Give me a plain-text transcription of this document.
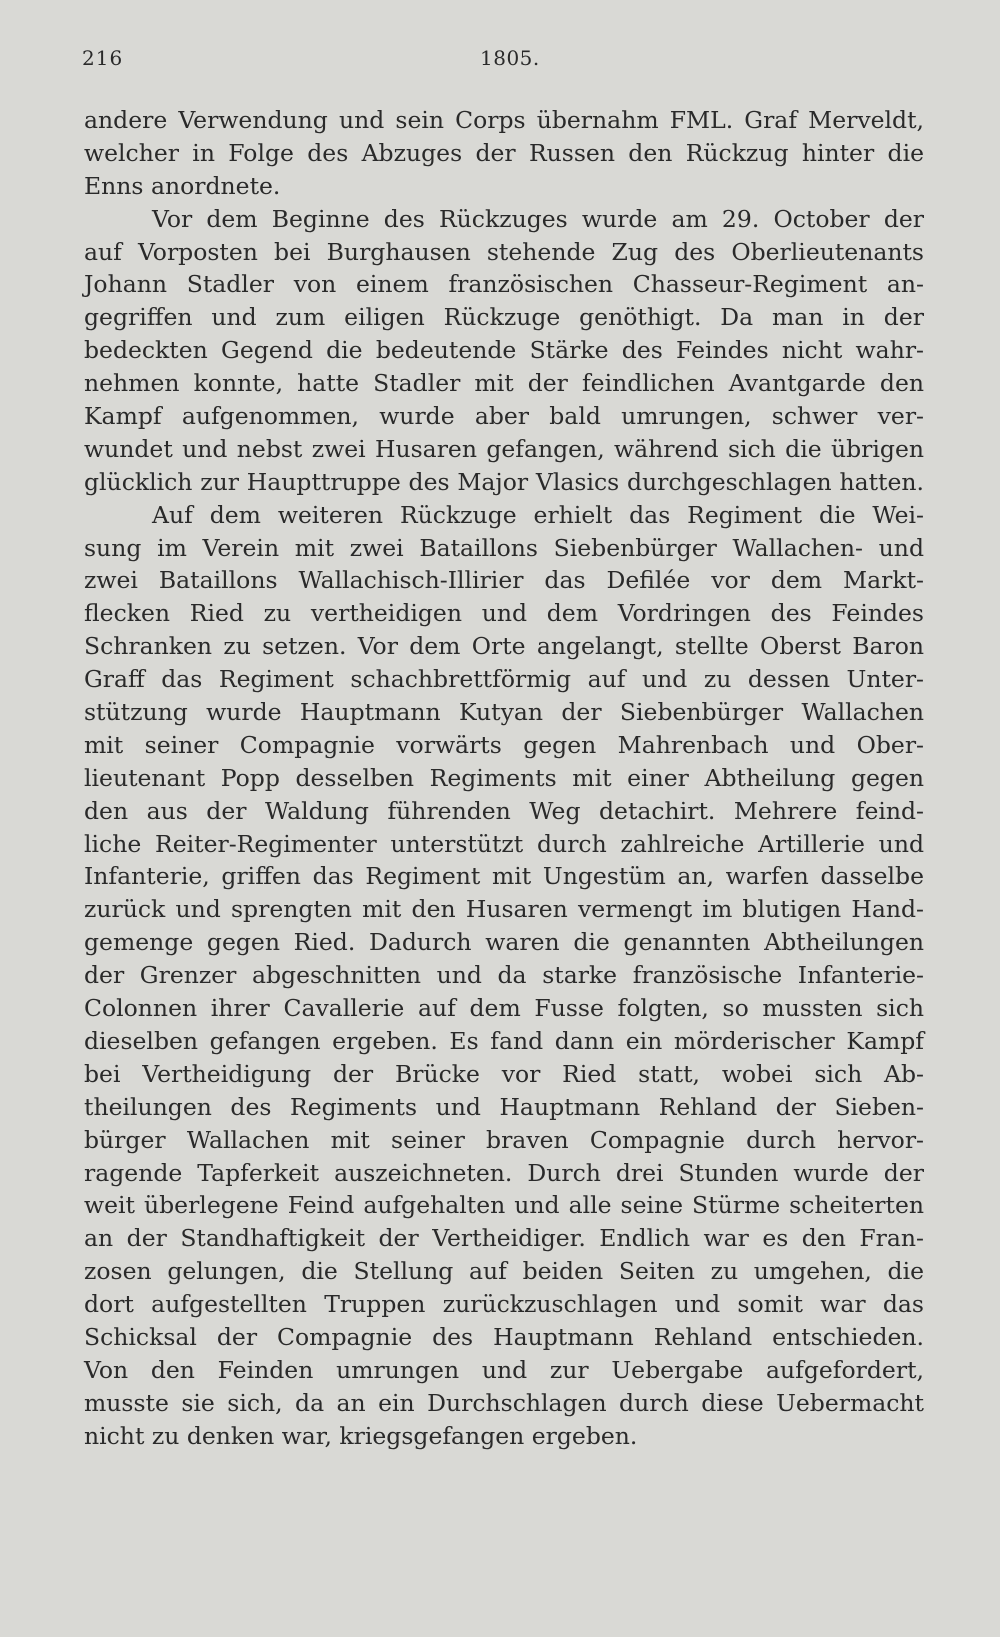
216	1805.
andere Verwendung und sein Corps übernahm FML. Graf Merveldt,
welcher in Folge des Abzuges der Russen den Rückzug hinter die
Enns anordnete.
Vor dem Beginne des Rückzuges wurde am 29. October der
auf Vorposten bei Burghausen stehende Zug des Oberlieutenants
Johann Stadler von einem französischen Chasseur-Regiment an-
gegriffen und zum eiligen Rückzuge genöthigt. Da man in der
bedeckten Gegend die bedeutende Stärke des Feindes nicht wahr-
nehmen konnte, hatte Stadler mit der feindlichen Avantgarde den
Kampf aufgenommen, wurde aber bald umrungen, schwer ver-
wundet und nebst zwei Husaren gefangen, während sich die übrigen
glücklich zur Haupttruppe des Major Vlasics durchgeschlagen hatten.
Auf dem weiteren Rückzuge erhielt das Regiment die Wei-
sung im Verein mit zwei Bataillons Siebenbürger Wallachen- und
zwei Bataillons Wallachisch-Illirier das Defilée vor dem Markt-
flecken Ried zu vertheidigen und dem Vordringen des Feindes
Schranken zu setzen. Vor dem Orte angelangt, stellte Oberst Baron
Graff das Regiment schachbrettförmig auf und zu dessen Unter-
stützung wurde Hauptmann Kutyan der Siebenbürger Wallachen
mit seiner Compagnie vorwärts gegen Mahrenbach und Ober-
lieutenant Popp desselben Regiments mit einer Abtheilung gegen
den aus der Waldung führenden Weg detachirt. Mehrere feind-
liche Reiter-Regimenter unterstützt durch zahlreiche Artillerie und
Infanterie, griffen das Regiment mit Ungestüm an, warfen dasselbe
zurück und sprengten mit den Husaren vermengt im blutigen Hand-
gemenge gegen Ried. Dadurch waren die genannten Abtheilungen
der Grenzer abgeschnitten und da starke französische Infanterie-
Colonnen ihrer Cavallerie auf dem Fusse folgten, so mussten sich
dieselben gefangen ergeben. Es fand dann ein mörderischer Kampf
bei Vertheidigung der Brücke vor Ried statt, wobei sich Ab-
theilungen des Regiments und Hauptmann Rehland der Sieben-
bürger Wallachen mit seiner braven Compagnie durch hervor-
ragende Tapferkeit auszeichneten. Durch drei Stunden wurde der
weit überlegene Feind aufgehalten und alle seine Stürme scheiterten
an der Standhaftigkeit der Vertheidiger. Endlich war es den Fran-
zosen gelungen, die Stellung auf beiden Seiten zu umgehen, die
dort aufgestellten Truppen zurückzuschlagen und somit war das
Schicksal der Compagnie des Hauptmann Rehland entschieden.
Von den Feinden umrungen und zur Uebergabe aufgefordert,
musste sie sich, da an ein Durchschlagen durch diese Uebermacht
nicht zu denken war, kriegsgefangen ergeben.
